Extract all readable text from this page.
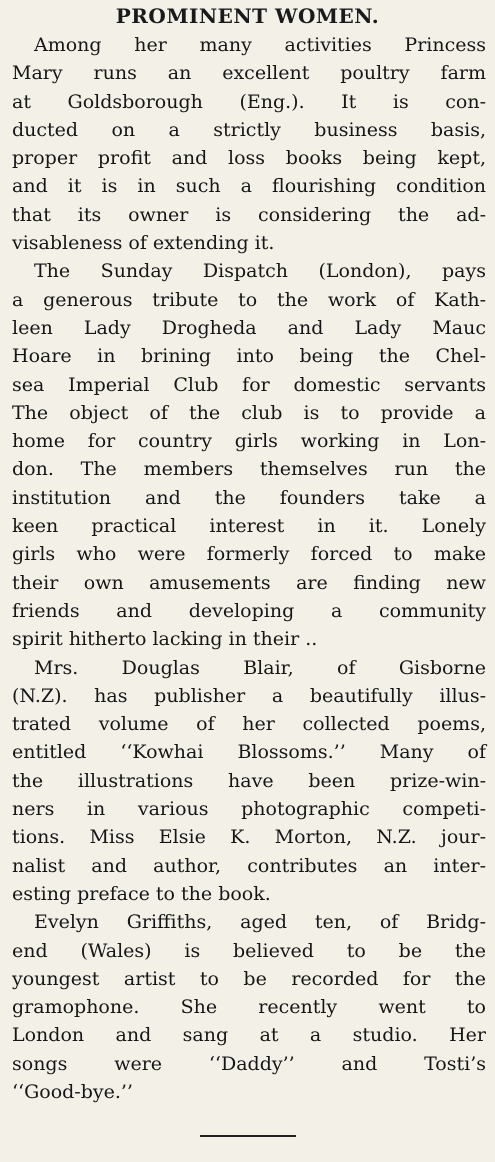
PROMINENT WOMEN.

Among her many activities Princess
Mary runs an excellent poultry farm
at Goldsborough (Eng.). It is con-
ducted on a strictly business basis,
proper profit and loss books being kept,
and it is in such a flourishing condition
that its owner is considering the ad-
visableness of extending it.

The Sunday Dispatch (London), pays
a generous tribute to the work of Kath-
leen Lady Drogheda and Lady Mauc
Hoare in brining into being the Chel-
sea Imperial Club for domestic servants
The object of the club is to provide a
home for country girls working in Lon-
don. The members themselves run the
institution and the founders take a
keen practical interest in it. Lonely
girls who were formerly forced to make
their own amusements are finding new
friends and developing a community
spirit hitherto lacking in their ..

Mrs. Douglas Blair, of Gisborne
(N.Z). has publisher a beautifully illus-
trated volume of her collected poems,
entitled ‘‘Kowhai Blossoms.’’ Many of
the illustrations have been prize-win-
ners in various photographic competi-
tions. Miss Elsie K. Morton, N.Z. jour-
nalist and author, contributes an inter-
esting preface to the book.

Evelyn Griffiths, aged ten, of Bridg-
end (Wales) is believed to be the
youngest artist to be recorded for the
gramophone. She recently went to
London and sang at a studio. Her
songs were ‘‘Daddy’’ and Tosti’s
‘‘Good-bye.’’
